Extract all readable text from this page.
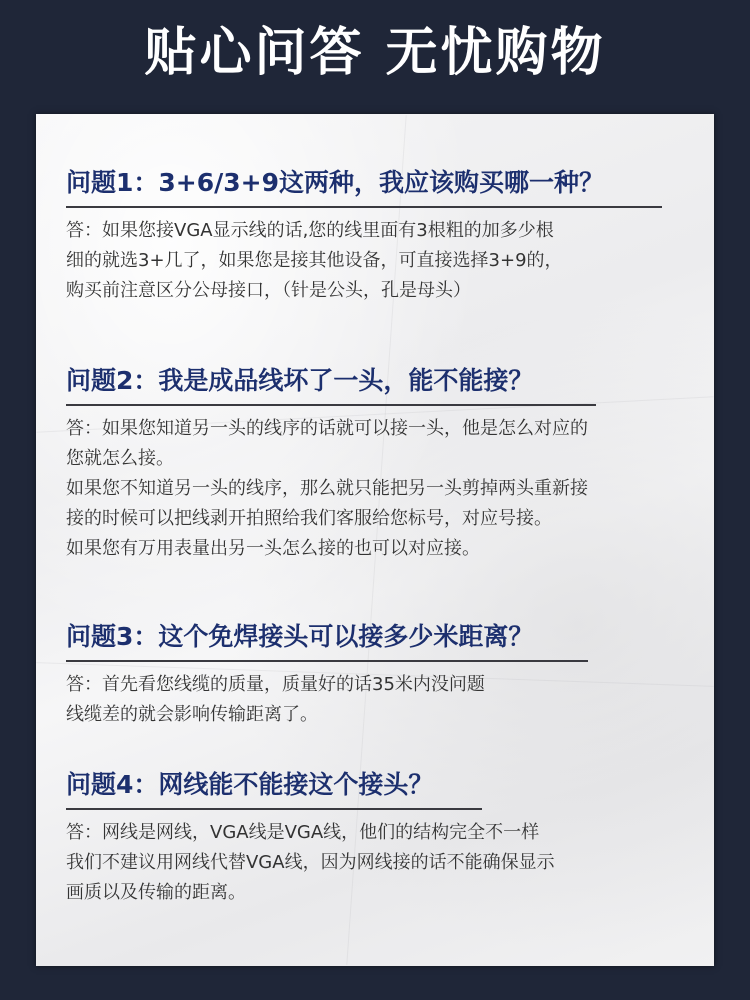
贴心问答 无忧购物
问题1：3+6/3+9这两种，我应该购买哪一种？
答：如果您接VGA显示线的话,您的线里面有3根粗的加多少根
细的就选3+几了，如果您是接其他设备，可直接选择3+9的，
购买前注意区分公母接口，（针是公头，孔是母头）
问题2：我是成品线坏了一头，能不能接？
答：如果您知道另一头的线序的话就可以接一头，他是怎么对应的
您就怎么接。
如果您不知道另一头的线序，那么就只能把另一头剪掉两头重新接
接的时候可以把线剥开拍照给我们客服给您标号，对应号接。
如果您有万用表量出另一头怎么接的也可以对应接。
问题3：这个免焊接头可以接多少米距离？
答：首先看您线缆的质量，质量好的话35米内没问题
线缆差的就会影响传输距离了。
问题4：网线能不能接这个接头？
答：网线是网线，VGA线是VGA线，他们的结构完全不一样
我们不建议用网线代替VGA线，因为网线接的话不能确保显示
画质以及传输的距离。
